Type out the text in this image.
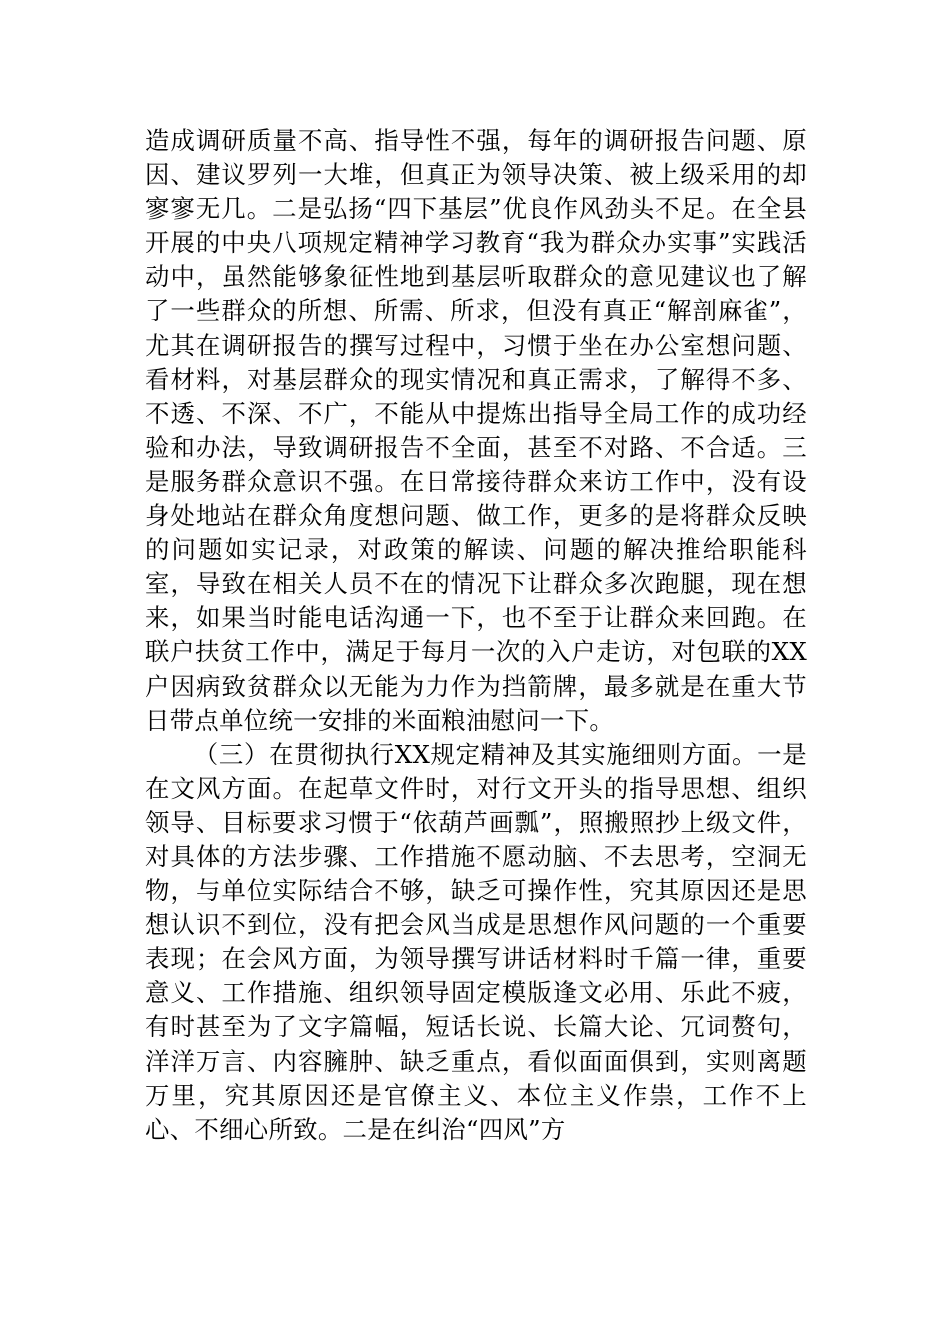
造成调研质量不高、指导性不强，每年的调研报告问题、原因、建议罗列一大堆，但真正为领导决策、被上级采用的却寥寥无几。二是弘扬“四下基层”优良作风劲头不足。在全县开展的中央八项规定精神学习教育“我为群众办实事”实践活动中，虽然能够象征性地到基层听取群众的意见建议也了解了一些群众的所想、所需、所求，但没有真正“解剖麻雀”，尤其在调研报告的撰写过程中，习惯于坐在办公室想问题、看材料，对基层群众的现实情况和真正需求，了解得不多、不透、不深、不广，不能从中提炼出指导全局工作的成功经验和办法，导致调研报告不全面，甚至不对路、不合适。三是服务群众意识不强。在日常接待群众来访工作中，没有设身处地站在群众角度想问题、做工作，更多的是将群众反映的问题如实记录，对政策的解读、问题的解决推给职能科室，导致在相关人员不在的情况下让群众多次跑腿，现在想来，如果当时能电话沟通一下，也不至于让群众来回跑。在联户扶贫工作中，满足于每月一次的入户走访，对包联的XX户因病致贫群众以无能为力作为挡箭牌，最多就是在重大节日带点单位统一安排的米面粮油慰问一下。

（三）在贯彻执行XX规定精神及其实施细则方面。一是在文风方面。在起草文件时，对行文开头的指导思想、组织领导、目标要求习惯于“依葫芦画瓢”，照搬照抄上级文件，对具体的方法步骤、工作措施不愿动脑、不去思考，空洞无物，与单位实际结合不够，缺乏可操作性，究其原因还是思想认识不到位，没有把会风当成是思想作风问题的一个重要表现；在会风方面，为领导撰写讲话材料时千篇一律，重要意义、工作措施、组织领导固定模版逢文必用、乐此不疲，有时甚至为了文字篇幅，短话长说、长篇大论、冗词赘句，洋洋万言、内容臃肿、缺乏重点，看似面面俱到，实则离题万里，究其原因还是官僚主义、本位主义作祟，工作不上心、不细心所致。二是在纠治“四风”方
